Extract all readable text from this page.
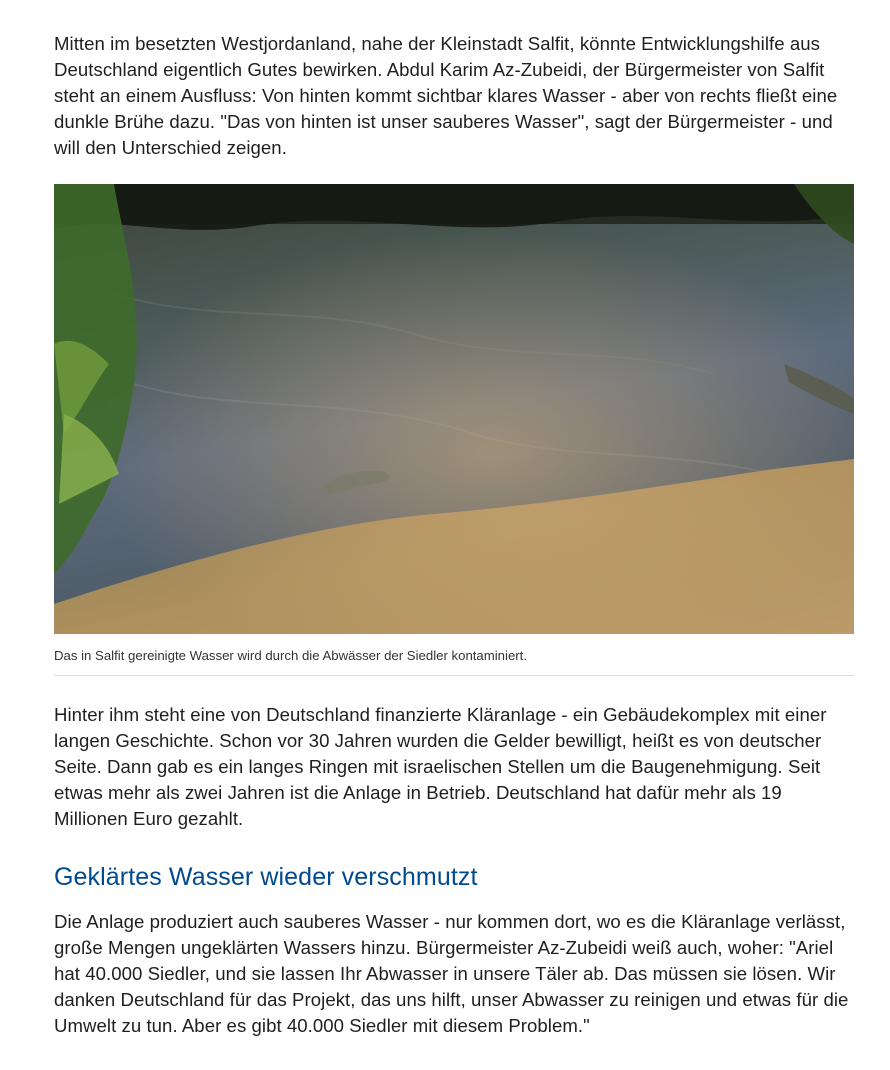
Mitten im besetzten Westjordanland, nahe der Kleinstadt Salfit, könnte Entwicklungshilfe aus Deutschland eigentlich Gutes bewirken. Abdul Karim Az-Zubeidi, der Bürgermeister von Salfit steht an einem Ausfluss: Von hinten kommt sichtbar klares Wasser - aber von rechts fließt eine dunkle Brühe dazu. "Das von hinten ist unser sauberes Wasser", sagt der Bürgermeister - und will den Unterschied zeigen.

Das in Salfit gereinigte Wasser wird durch die Abwässer der Siedler kontaminiert.

Hinter ihm steht eine von Deutschland finanzierte Kläranlage - ein Gebäudekomplex mit einer langen Geschichte. Schon vor 30 Jahren wurden die Gelder bewilligt, heißt es von deutscher Seite. Dann gab es ein langes Ringen mit israelischen Stellen um die Baugenehmigung. Seit etwas mehr als zwei Jahren ist die Anlage in Betrieb. Deutschland hat dafür mehr als 19 Millionen Euro gezahlt.

Geklärtes Wasser wieder verschmutzt

Die Anlage produziert auch sauberes Wasser - nur kommen dort, wo es die Kläranlage verlässt, große Mengen ungeklärten Wassers hinzu. Bürgermeister Az-Zubeidi weiß auch, woher: "Ariel hat 40.000 Siedler, und sie lassen Ihr Abwasser in unsere Täler ab. Das müssen sie lösen. Wir danken Deutschland für das Projekt, das uns hilft, unser Abwasser zu reinigen und etwas für die Umwelt zu tun. Aber es gibt 40.000 Siedler mit diesem Problem."
